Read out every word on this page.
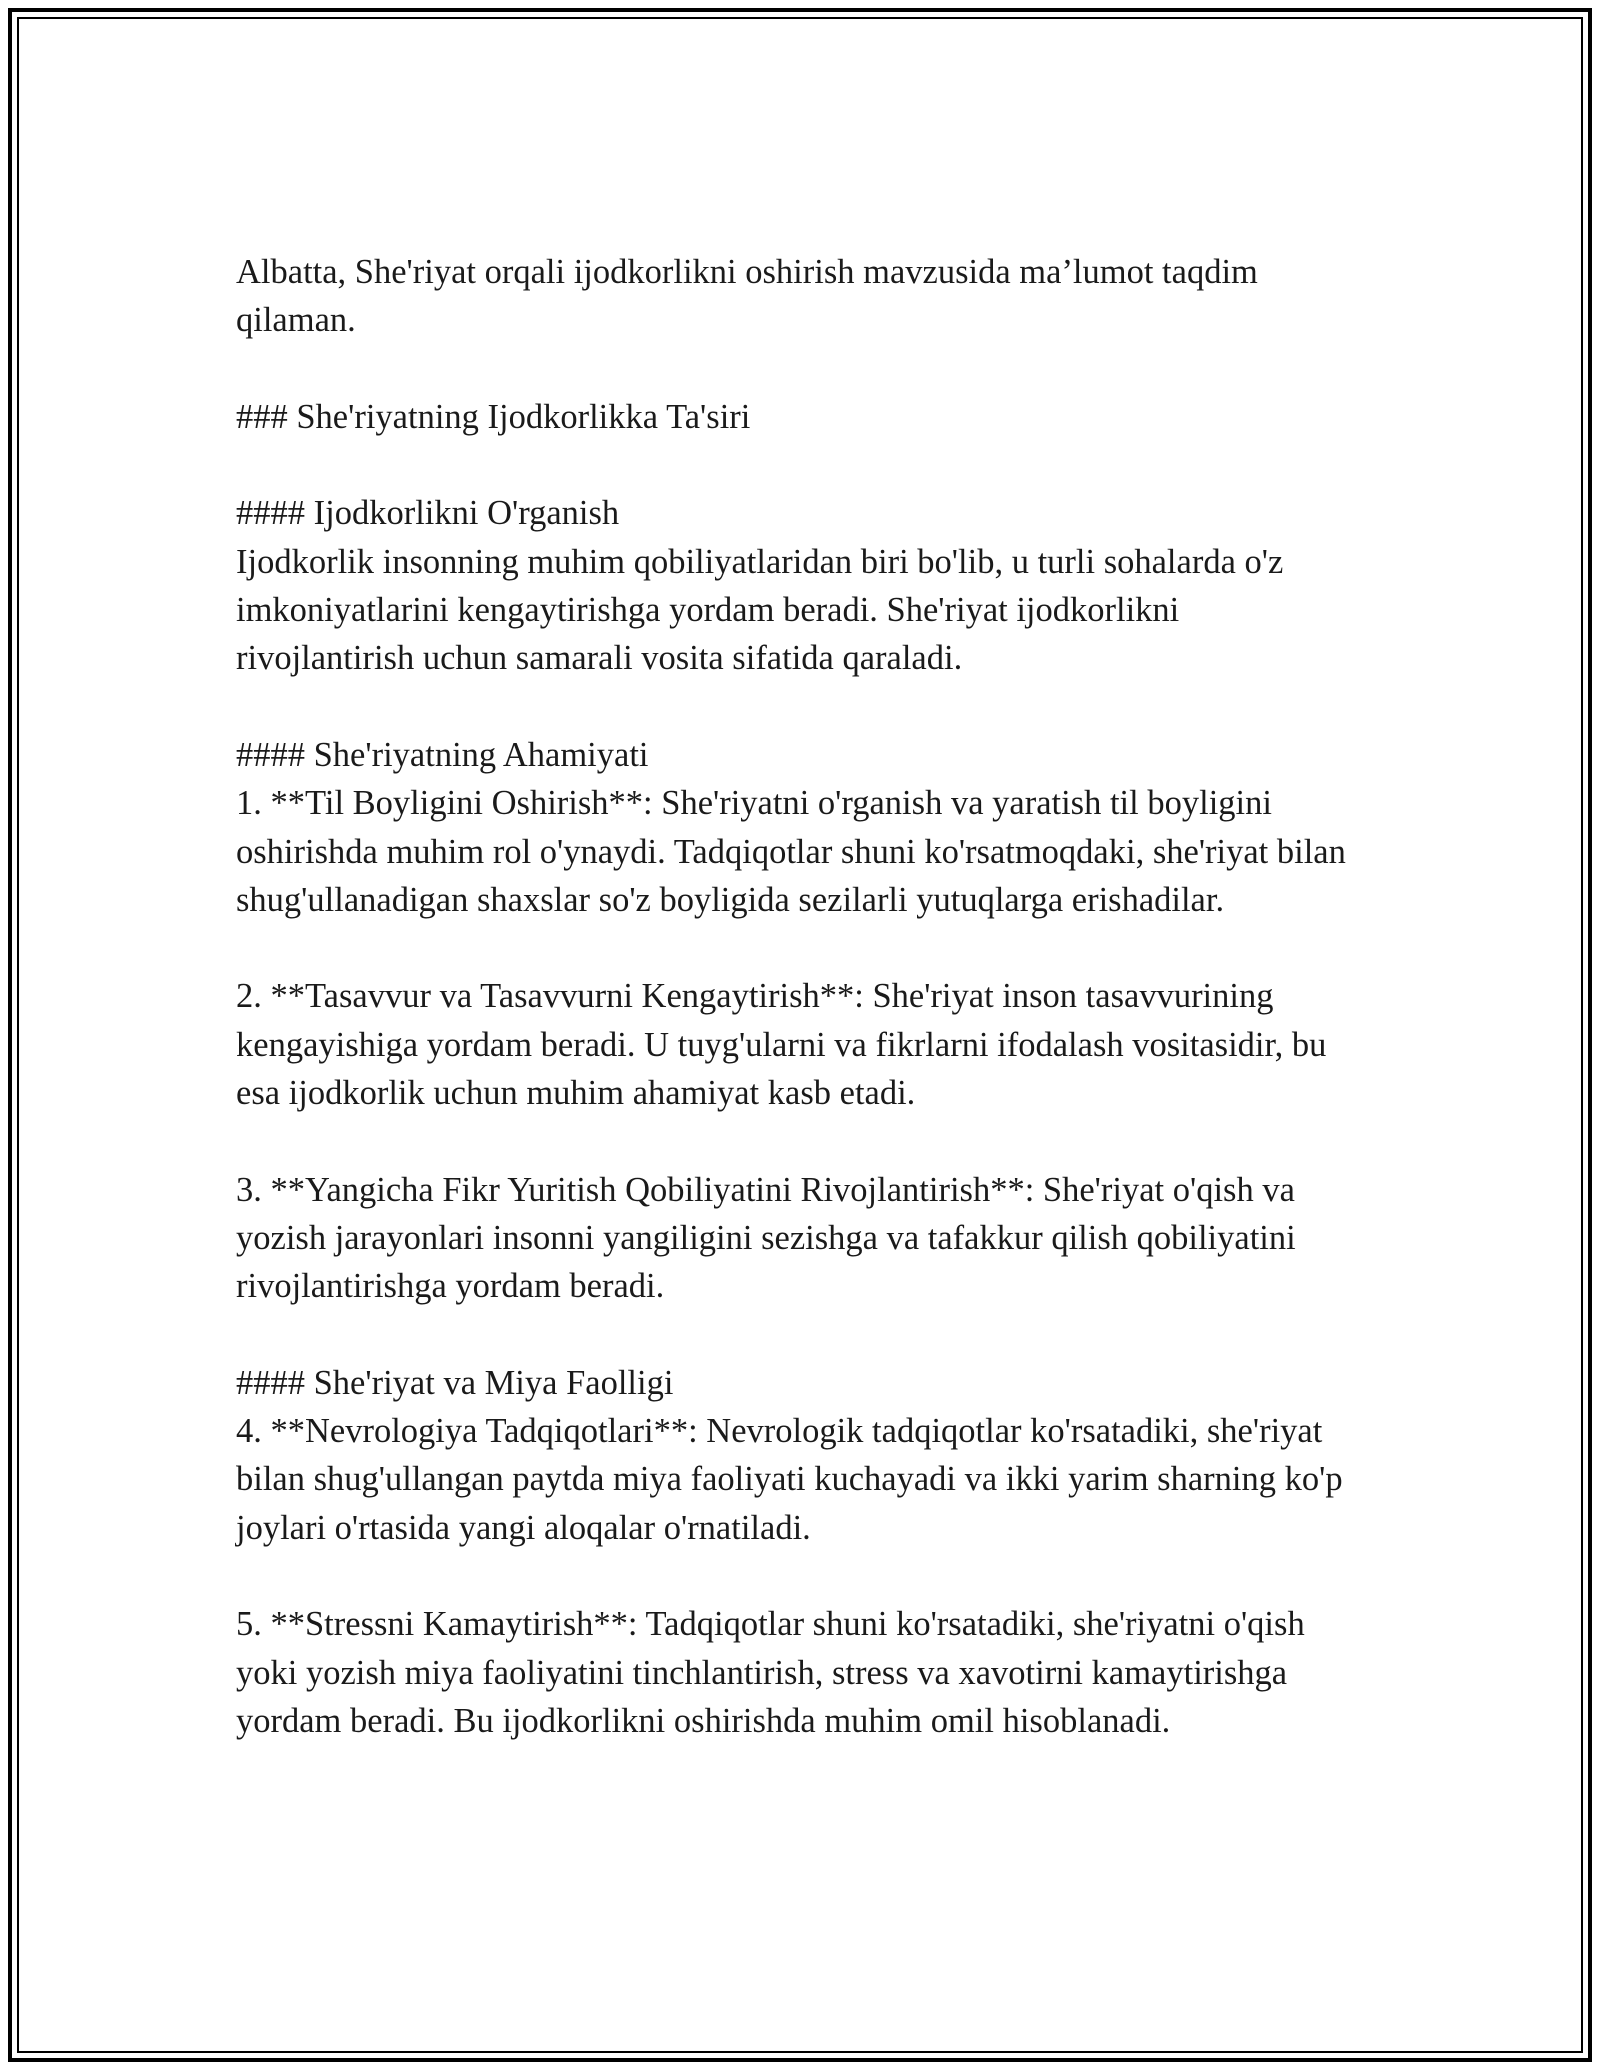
Albatta, She'riyat orqali ijodkorlikni oshirish mavzusida ma’lumot taqdim qilaman.

### She'riyatning Ijodkorlikka Ta'siri

#### Ijodkorlikni O'rganish

Ijodkorlik insonning muhim qobiliyatlaridan biri bo'lib, u turli sohalarda o'z imkoniyatlarini kengaytirishga yordam beradi. She'riyat ijodkorlikni rivojlantirish uchun samarali vosita sifatida qaraladi.

#### She'riyatning Ahamiyati

1. **Til Boyligini Oshirish**: She'riyatni o'rganish va yaratish til boyligini oshirishda muhim rol o'ynaydi. Tadqiqotlar shuni ko'rsatmoqdaki, she'riyat bilan shug'ullanadigan shaxslar so'z boyligida sezilarli yutuqlarga erishadilar.

2. **Tasavvur va Tasavvurni Kengaytirish**: She'riyat inson tasavvurining kengayishiga yordam beradi. U tuyg'ularni va fikrlarni ifodalash vositasidir, bu esa ijodkorlik uchun muhim ahamiyat kasb etadi.

3. **Yangicha Fikr Yuritish Qobiliyatini Rivojlantirish**: She'riyat o'qish va yozish jarayonlari insonni yangiligini sezishga va tafakkur qilish qobiliyatini rivojlantirishga yordam beradi.

#### She'riyat va Miya Faolligi

4. **Nevrologiya Tadqiqotlari**: Nevrologik tadqiqotlar ko'rsatadiki, she'riyat bilan shug'ullangan paytda miya faoliyati kuchayadi va ikki yarim sharning ko'p joylari o'rtasida yangi aloqalar o'rnatiladi.

5. **Stressni Kamaytirish**: Tadqiqotlar shuni ko'rsatadiki, she'riyatni o'qish yoki yozish miya faoliyatini tinchlantirish, stress va xavotirni kamaytirishga yordam beradi. Bu ijodkorlikni oshirishda muhim omil hisoblanadi.
